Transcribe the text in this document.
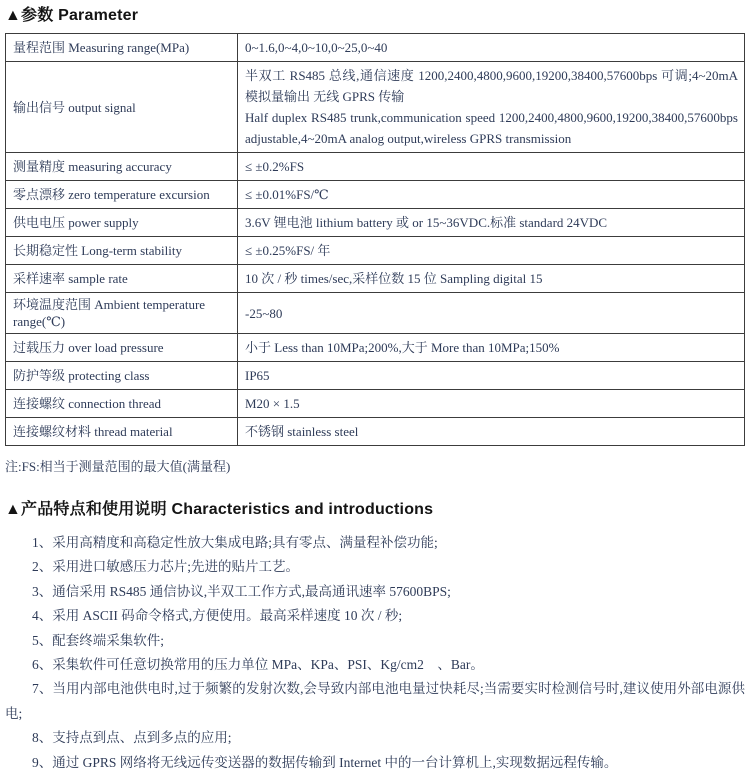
▲参数 Parameter
量程范围 Measuring range(MPa)	0~1.6,0~4,0~10,0~25,0~40
输出信号 output signal	半双工 RS485 总线,通信速度 1200,2400,4800,9600,19200,38400,57600bps 可调;4~20mA 模拟量输出 无线 GPRS 传输

Half duplex RS485 trunk,communication speed 1200,2400,4800,9600,19200,38400,57600bps adjustable,4~20mA analog output,wireless GPRS transmission

测量精度 measuring accuracy	≤ ±0.2%FS
零点漂移 zero temperature excursion	≤ ±0.01%FS/℃
供电电压 power supply	3.6V 锂电池 lithium battery 或 or 15~36VDC.标准 standard 24VDC
长期稳定性 Long-term stability	≤ ±0.25%FS/ 年
采样速率 sample rate	10 次 / 秒 times/sec,采样位数 15 位 Sampling digital 15
环境温度范围 Ambient temperature range(℃)	-25~80
过载压力 over load pressure	小于 Less than 10MPa;200%,大于 More than 10MPa;150%
防护等级 protecting class	IP65
连接螺纹 connection thread	M20 × 1.5
连接螺纹材料 thread material	不锈钢 stainless steel

注:FS:相当于测量范围的最大值(满量程)

▲产品特点和使用说明 Characteristics and introductions

1、采用高精度和高稳定性放大集成电路;具有零点、满量程补偿功能;

2、采用进口敏感压力芯片;先进的贴片工艺。

3、通信采用 RS485 通信协议,半双工工作方式,最高通讯速率 57600BPS;

4、采用 ASCII 码命令格式,方便使用。最高采样速度 10 次 / 秒;

5、配套终端采集软件;

6、采集软件可任意切换常用的压力单位 MPa、KPa、PSI、Kg/cm2　、Bar。

7、当用内部电池供电时,过于频繁的发射次数,会导致内部电池电量过快耗尽;当需要实时检测信号时,建议使用外部电源供电;

8、支持点到点、点到多点的应用;

9、通过 GPRS 网络将无线远传变送器的数据传输到 Internet 中的一台计算机上,实现数据远程传输。
